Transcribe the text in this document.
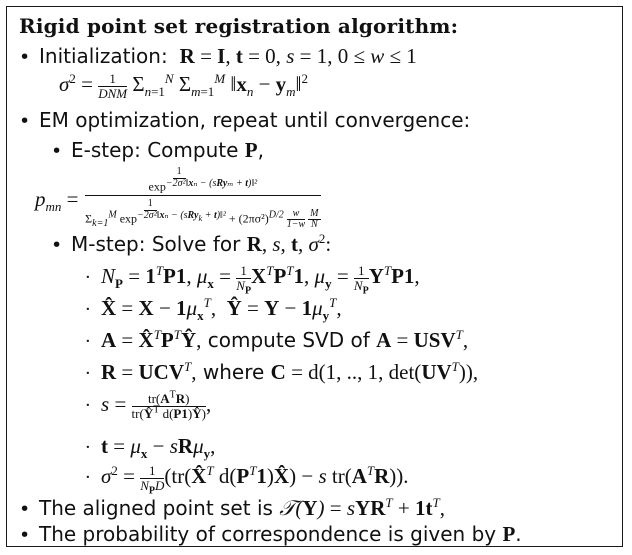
Rigid point set registration algorithm:
• Initialization: R = I, t = 0, s = 1, 0 ≤ w ≤ 1
$\sigma^2 = \frac{1}{\text{DNM}} \Sigma_{n=1}^N$ $\Sigma_{m=1}^M$ $‖x_n$ − $y_m‖^2$
• EM optimization, repeat until convergence:
• E-step: Compute P,
$p_{mn}$ =
$\exp^{- \frac{1}{\text{2σ²}} ‖x_n - (sRy_m + t)‖^2}$
$\Sigma_{k=1}^M$ $\exp^{- \frac{1}{\text{2σ²}} ‖x_n - (sRy_k + t)‖^2} + (2\pi\sigma^2)^{D/2} \frac{w}{1-w}$
$\frac{M}{N}$
• M-step: Solve for R, s, t, $\sigma^2$:
· $N_P = 1^TP1$, $\mu_x = \frac{1}{N_P} X^TP^T1$, $\mu_y = \frac{1}{N_P} Y^TP1$,
· X̂ = $X - 1\mu_x^T$, Ŷ = $Y - 1\mu_y^T$,
· $A = X̂^TP^TŶ$, compute SVD of $A = USV^T$,
· $R = UCV^T$, where C = d(1, .., 1, $\det(UV^T)$),
· $s = \frac{tr(A^TR)}{tr(Ŷ^T d(P1)Ŷ)}$ ,
· $t = \mu_x - sR\mu_y$,
· $\sigma^2 = \frac{1}{N_PD}$ (tr(X̂$^T$ $d(P^T1)X̂) - s$ $tr(A^TR)$).
• The aligned point set is 𝒯(Y) = $sYR^T + 1t^T$,
• The probability of correspondence is given by P.
